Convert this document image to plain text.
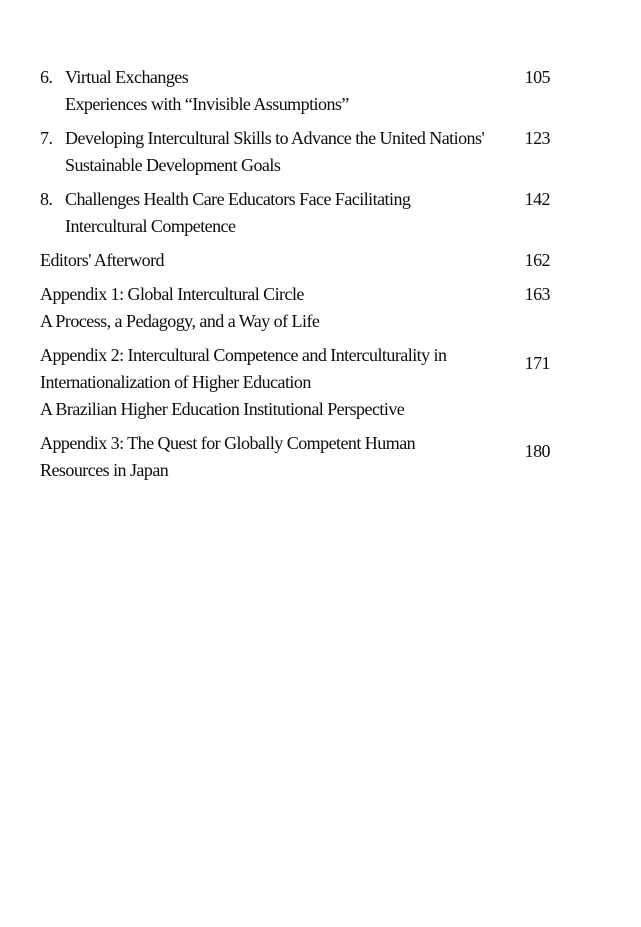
6. Virtual Exchanges
Experiences with “Invisible Assumptions”
105
7. Developing Intercultural Skills to Advance the United Nations'
Sustainable Development Goals
123
8. Challenges Health Care Educators Face Facilitating
Intercultural Competence
142
Editors' Afterword	162
Appendix 1: Global Intercultural Circle
A Process, a Pedagogy, and a Way of Life
163
Appendix 2: Intercultural Competence and Interculturality in
Internationalization of Higher Education
A Brazilian Higher Education Institutional Perspective
171
Appendix 3: The Quest for Globally Competent Human
Resources in Japan
180
